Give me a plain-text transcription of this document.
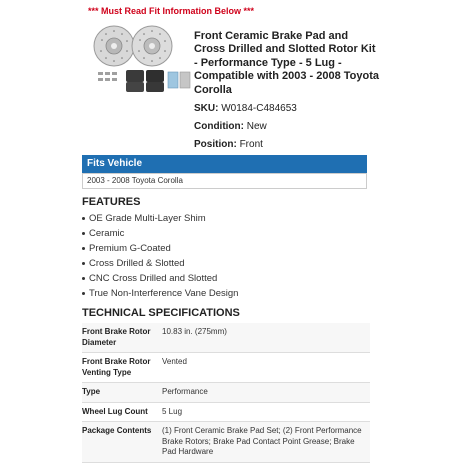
*** Must Read Fit Information Below ***
Front Ceramic Brake Pad and Cross Drilled and Slotted Rotor Kit - Performance Type - 5 Lug - Compatible with 2003 - 2008 Toyota Corolla
SKU: W0184-C484653
Condition: New
Position: Front
Fits Vehicle
2003 - 2008 Toyota Corolla
FEATURES
OE Grade Multi-Layer Shim
Ceramic
Premium G-Coated
Cross Drilled & Slotted
CNC Cross Drilled and Slotted
True Non-Interference Vane Design
TECHNICAL SPECIFICATIONS
Front Brake Rotor Diameter	10.83 in. (275mm)
Front Brake Rotor Venting Type	Vented
Type	Performance
Wheel Lug Count	5 Lug
Package Contents	(1) Front Ceramic Brake Pad Set; (2) Front Performance Brake Rotors; Brake Pad Contact Point Grease; Brake Pad Hardware
